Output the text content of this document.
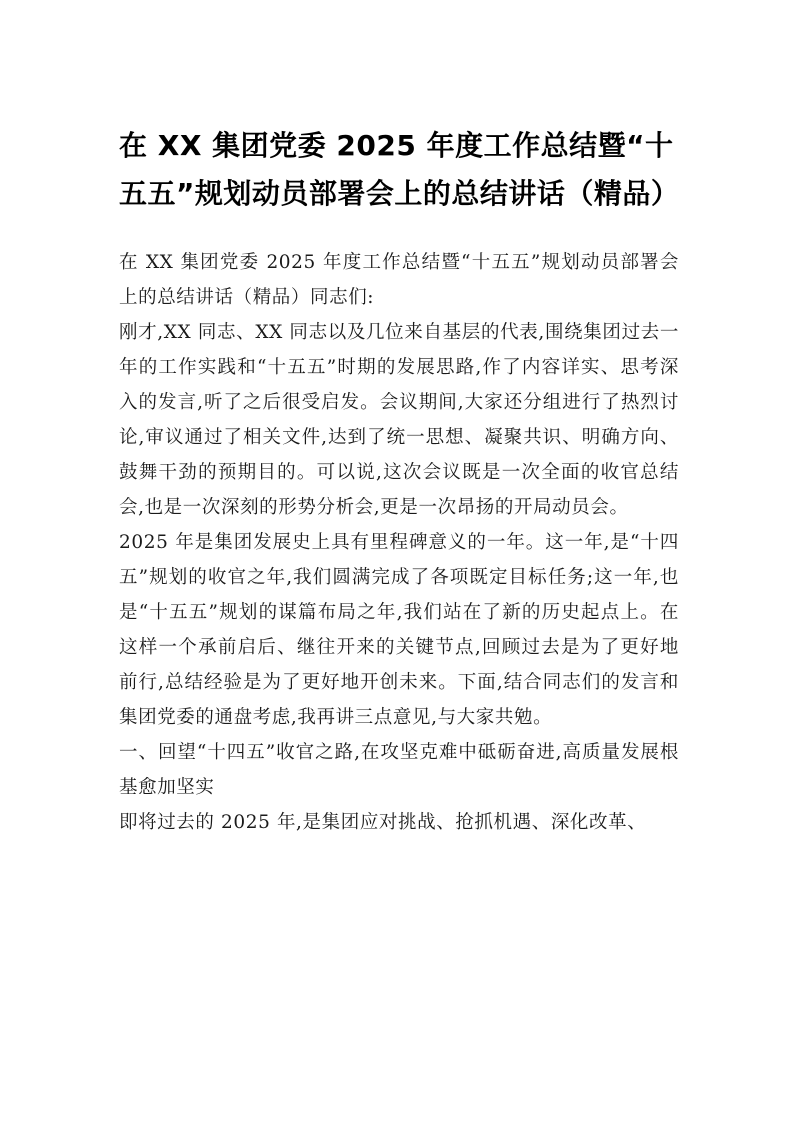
在 XX 集团党委 2025 年度工作总结暨“十五五”规划动员部署会上的总结讲话（精品）

在 XX 集团党委 2025 年度工作总结暨“十五五”规划动员部署会上的总结讲话（精品）同志们:

刚才,XX 同志、XX 同志以及几位来自基层的代表,围绕集团过去一年的工作实践和“十五五”时期的发展思路,作了内容详实、思考深入的发言,听了之后很受启发。会议期间,大家还分组进行了热烈讨论,审议通过了相关文件,达到了统一思想、凝聚共识、明确方向、鼓舞干劲的预期目的。可以说,这次会议既是一次全面的收官总结会,也是一次深刻的形势分析会,更是一次昂扬的开局动员会。

2025 年是集团发展史上具有里程碑意义的一年。这一年,是“十四五”规划的收官之年,我们圆满完成了各项既定目标任务;这一年,也是“十五五”规划的谋篇布局之年,我们站在了新的历史起点上。在这样一个承前启后、继往开来的关键节点,回顾过去是为了更好地前行,总结经验是为了更好地开创未来。下面,结合同志们的发言和集团党委的通盘考虑,我再讲三点意见,与大家共勉。

一、回望“十四五”收官之路,在攻坚克难中砥砺奋进,高质量发展根基愈加坚实

即将过去的 2025 年,是集团应对挑战、抢抓机遇、深化改革、
